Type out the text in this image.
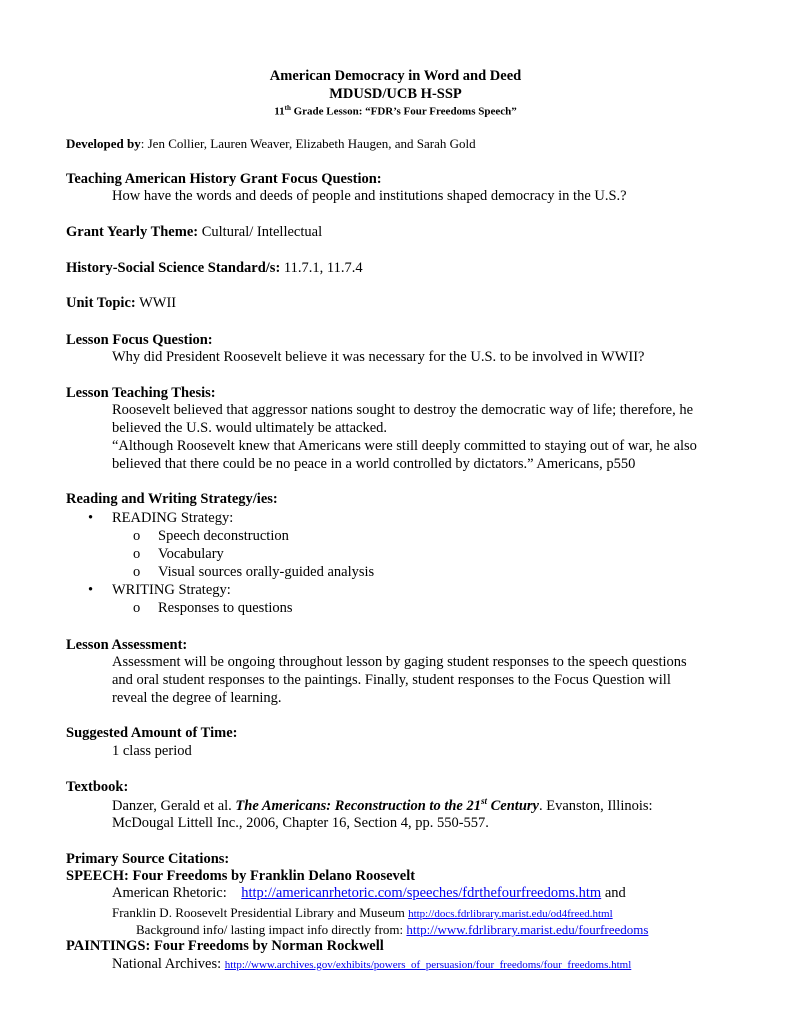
American Democracy in Word and Deed
MDUSD/UCB H-SSP
11th Grade Lesson: “FDR’s Four Freedoms Speech”
Developed by: Jen Collier, Lauren Weaver, Elizabeth Haugen, and Sarah Gold
Teaching American History Grant Focus Question:
How have the words and deeds of people and institutions shaped democracy in the U.S.?
Grant Yearly Theme: Cultural/ Intellectual
History-Social Science Standard/s: 11.7.1, 11.7.4
Unit Topic: WWII
Lesson Focus Question:
Why did President Roosevelt believe it was necessary for the U.S. to be involved in WWII?
Lesson Teaching Thesis:
Roosevelt believed that aggressor nations sought to destroy the democratic way of life; therefore, he
believed the U.S. would ultimately be attacked.
“Although Roosevelt knew that Americans were still deeply committed to staying out of war, he also
believed that there could be no peace in a world controlled by dictators.” Americans, p550
Reading and Writing Strategy/ies:
• READING Strategy:
o Speech deconstruction
o Vocabulary
o Visual sources orally-guided analysis
• WRITING Strategy:
o Responses to questions
Lesson Assessment:
Assessment will be ongoing throughout lesson by gaging student responses to the speech questions
and oral student responses to the paintings. Finally, student responses to the Focus Question will
reveal the degree of learning.
Suggested Amount of Time:
1 class period
Textbook:
Danzer, Gerald et al. The Americans: Reconstruction to the 21st Century. Evanston, Illinois:
McDougal Littell Inc., 2006, Chapter 16, Section 4, pp. 550-557.
Primary Source Citations:
SPEECH: Four Freedoms by Franklin Delano Roosevelt
American Rhetoric:    http://americanrhetoric.com/speeches/fdrthefourfreedoms.htm and
Franklin D. Roosevelt Presidential Library and Museum http://docs.fdrlibrary.marist.edu/od4freed.html
Background info/ lasting impact info directly from: http://www.fdrlibrary.marist.edu/fourfreedoms
PAINTINGS: Four Freedoms by Norman Rockwell
National Archives: http://www.archives.gov/exhibits/powers_of_persuasion/four_freedoms/four_freedoms.html
